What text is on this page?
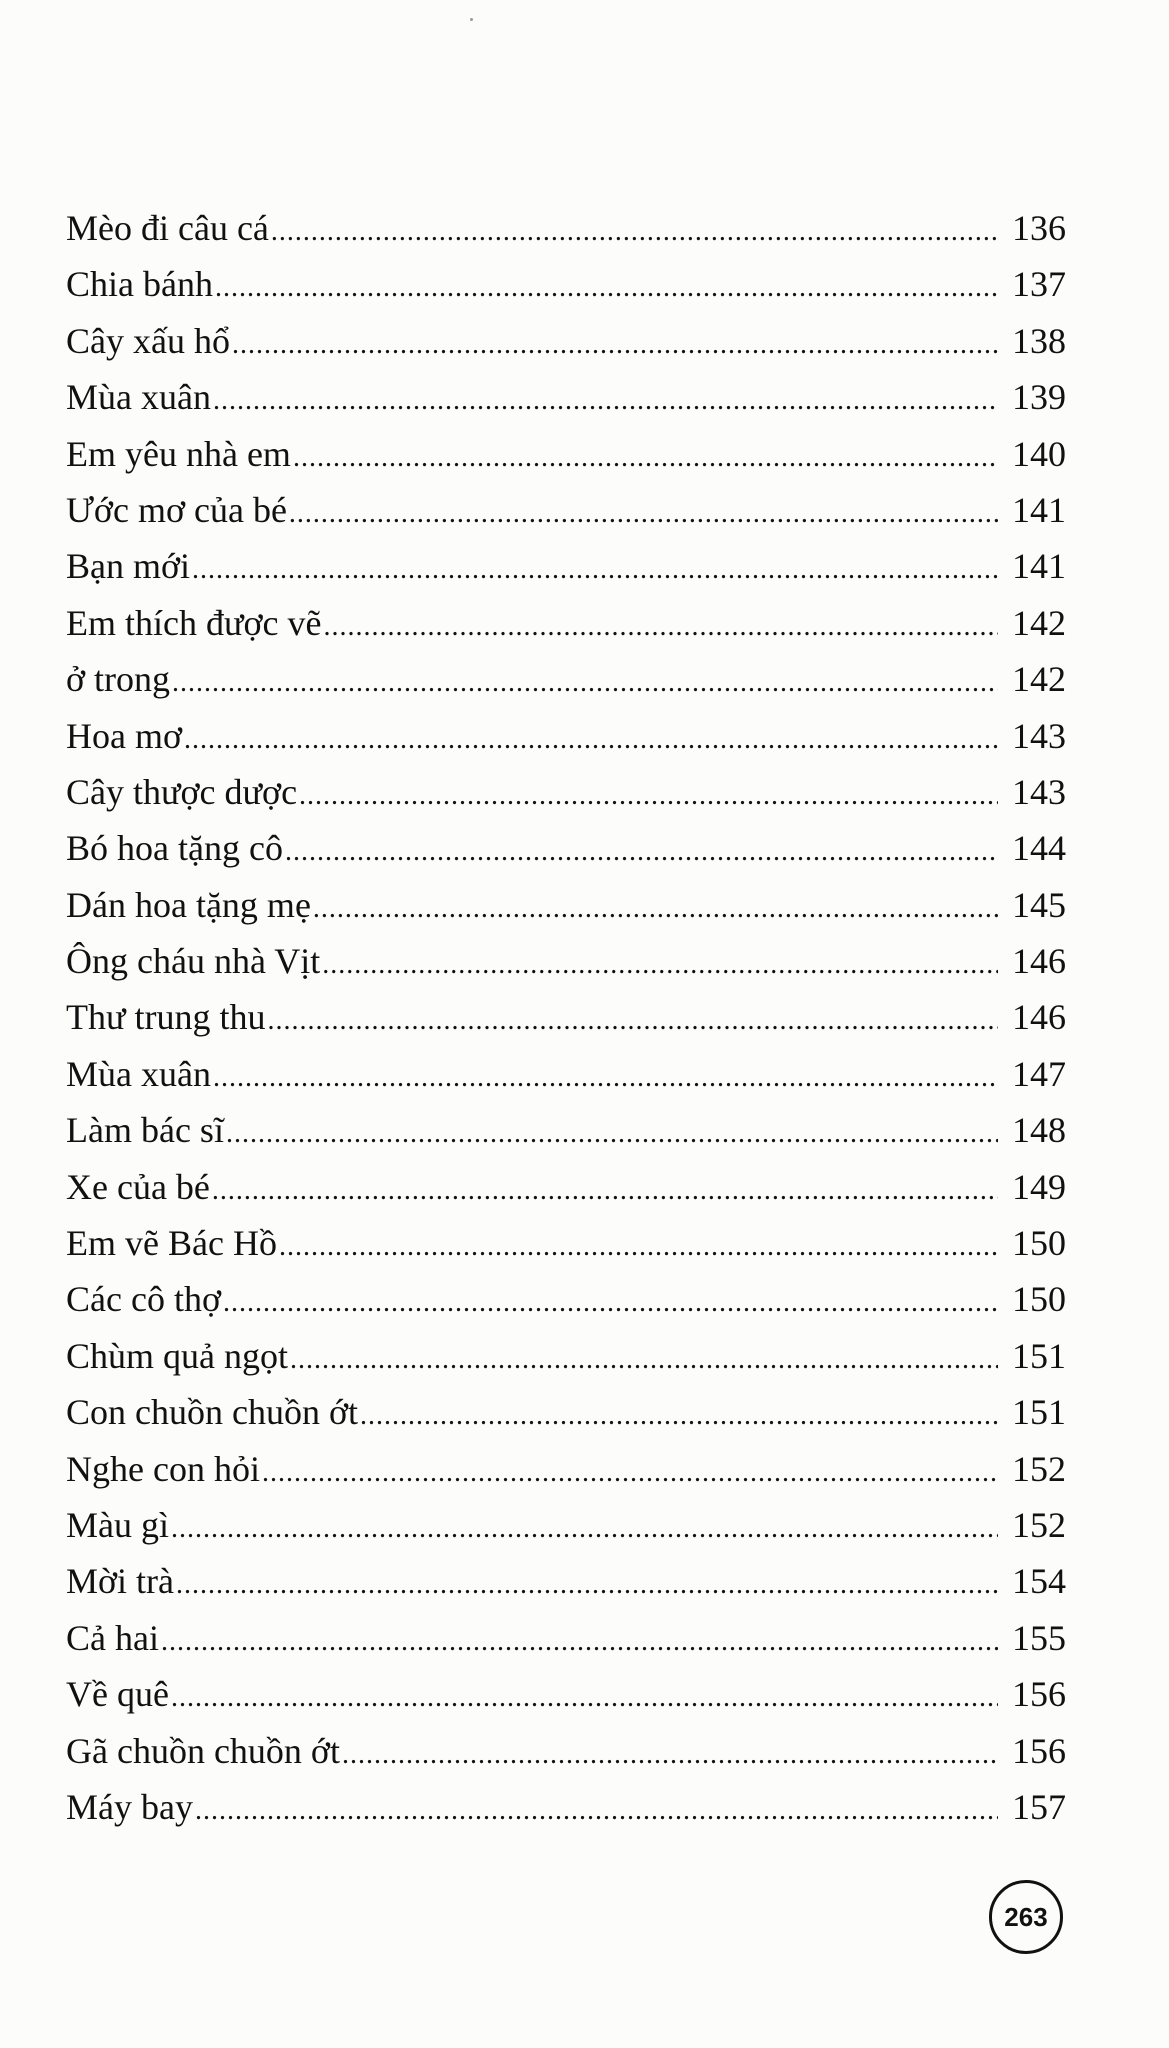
Mèo đi câu cá .....	136
Chia bánh .....	137
Cây xấu hổ .....	138
Mùa xuân .....	139
Em yêu nhà em .....	140
Ước mơ của bé .....	141
Bạn mới .....	141
Em thích được vẽ .....	142
ở trong .....	142
Hoa mơ .....	143
Cây thược dược .....	143
Bó hoa tặng cô .....	144
Dán hoa tặng mẹ .....	145
Ông cháu nhà Vịt .....	146
Thư trung thu .....	146
Mùa xuân .....	147
Làm bác sĩ .....	148
Xe của bé .....	149
Em vẽ Bác Hồ .....	150
Các cô thợ .....	150
Chùm quả ngọt .....	151
Con chuồn chuồn ớt .....	151
Nghe con hỏi .....	152
Màu gì .....	152
Mời trà .....	154
Cả hai .....	155
Về quê .....	156
Gã chuồn chuồn ớt .....	156
Máy bay .....	157
263
